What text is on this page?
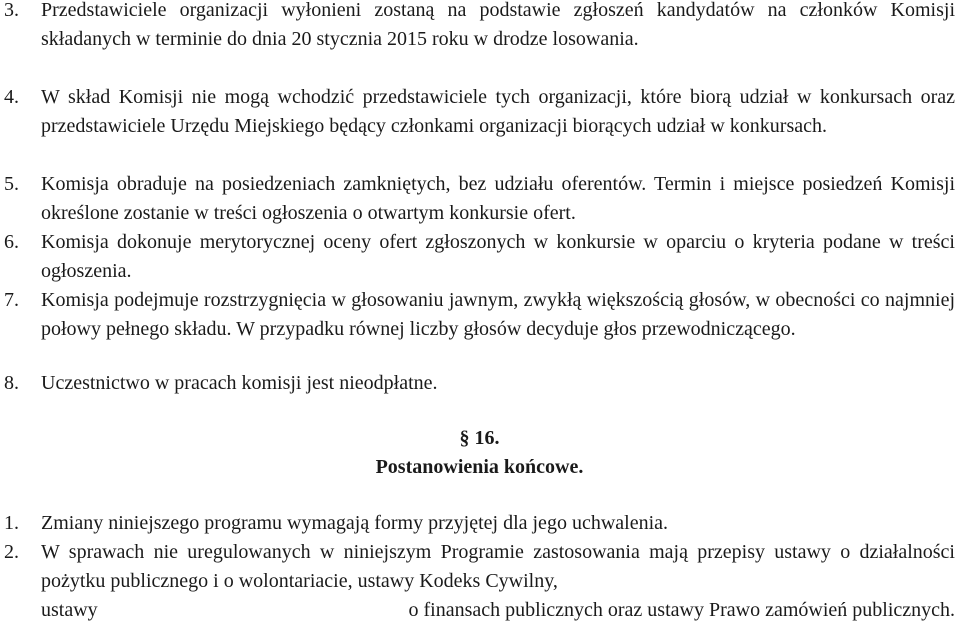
3. Przedstawiciele organizacji wyłonieni zostaną na podstawie zgłoszeń kandydatów na członków Komisji składanych w terminie do dnia 20 stycznia 2015 roku w drodze losowania.
4. W skład Komisji nie mogą wchodzić przedstawiciele tych organizacji, które biorą udział w konkursach oraz przedstawiciele Urzędu Miejskiego będący członkami organizacji biorących udział w konkursach.
5. Komisja obraduje na posiedzeniach zamkniętych, bez udziału oferentów. Termin i miejsce posiedzeń Komisji określone zostanie w treści ogłoszenia o otwartym konkursie ofert.
6. Komisja dokonuje merytorycznej oceny ofert zgłoszonych w konkursie w oparciu o kryteria podane w treści ogłoszenia.
7. Komisja podejmuje rozstrzygnięcia w głosowaniu jawnym, zwykłą większością głosów, w obecności co najmniej połowy pełnego składu. W przypadku równej liczby głosów decyduje głos przewodniczącego.
8. Uczestnictwo w pracach komisji jest nieodpłatne.
§ 16.
Postanowienia końcowe.
1. Zmiany niniejszego programu wymagają formy przyjętej dla jego uchwalenia.
2. W sprawach nie uregulowanych w niniejszym Programie zastosowania mają przepisy ustawy o działalności pożytku publicznego i o wolontariacie, ustawy Kodeks Cywilny,
ustawy	o finansach publicznych oraz ustawy Prawo zamówień publicznych.
